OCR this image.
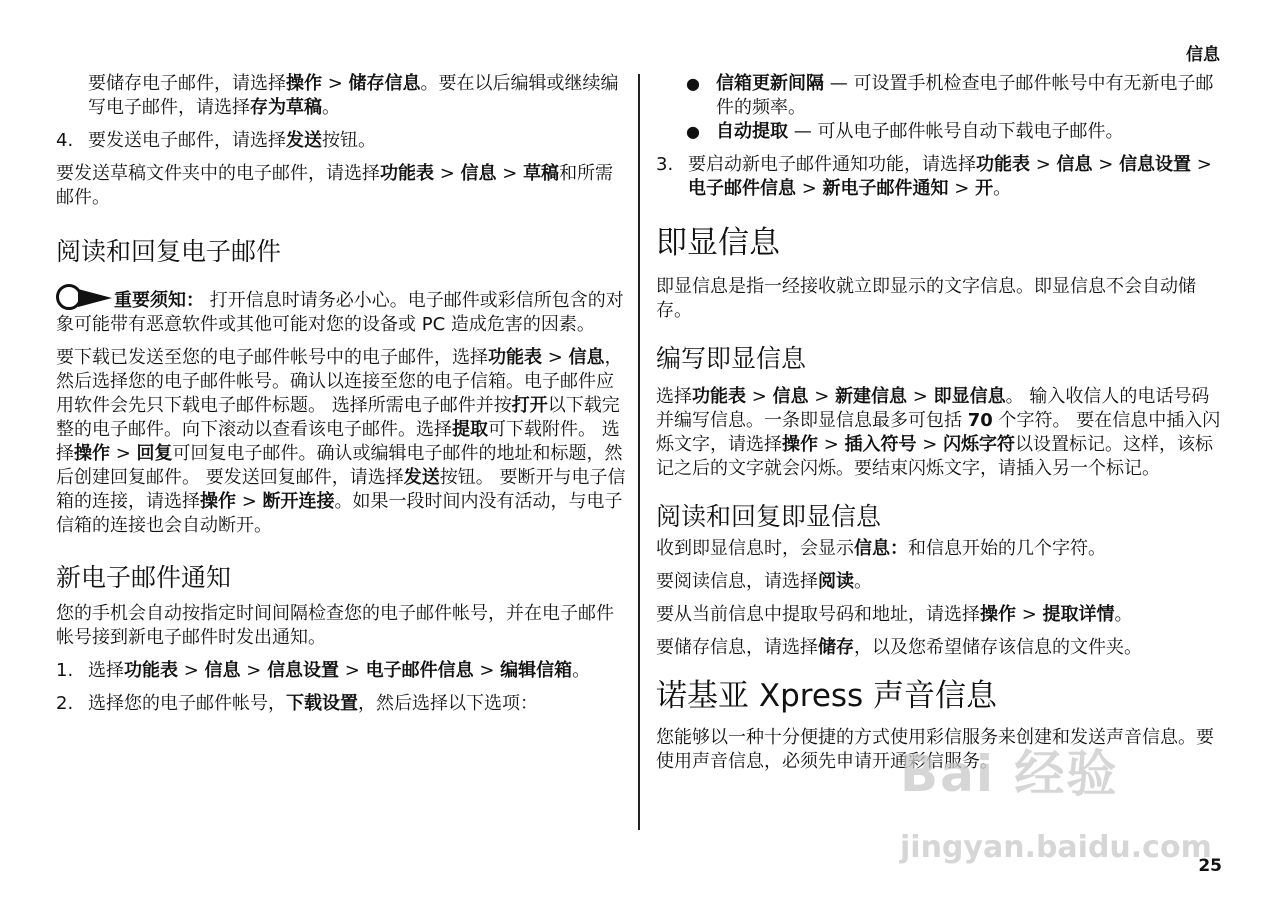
信息

要储存电子邮件，请选择操作 > 储存信息。要在以后编辑或继续编写电子邮件，请选择存为草稿。

4. 要发送电子邮件，请选择发送按钮。

要发送草稿文件夹中的电子邮件，请选择功能表 > 信息 > 草稿和所需邮件。

阅读和回复电子邮件

重要须知： 打开信息时请务必小心。电子邮件或彩信所包含的对象可能带有恶意软件或其他可能对您的设备或 PC 造成危害的因素。

要下载已发送至您的电子邮件帐号中的电子邮件，选择功能表 > 信息，然后选择您的电子邮件帐号。确认以连接至您的电子信箱。电子邮件应用软件会先只下载电子邮件标题。 选择所需电子邮件并按打开以下载完整的电子邮件。向下滚动以查看该电子邮件。选择提取可下载附件。 选择操作 > 回复可回复电子邮件。确认或编辑电子邮件的地址和标题，然后创建回复邮件。 要发送回复邮件，请选择发送按钮。 要断开与电子信箱的连接，请选择操作 > 断开连接。如果一段时间内没有活动，与电子信箱的连接也会自动断开。

新电子邮件通知

您的手机会自动按指定时间间隔检查您的电子邮件帐号，并在电子邮件帐号接到新电子邮件时发出通知。

1. 选择功能表 > 信息 > 信息设置 > 电子邮件信息 > 编辑信箱。
2. 选择您的电子邮件帐号，下载设置，然后选择以下选项：
● 信箱更新间隔 — 可设置手机检查电子邮件帐号中有无新电子邮件的频率。
● 自动提取 — 可从电子邮件帐号自动下载电子邮件。
3. 要启动新电子邮件通知功能，请选择功能表 > 信息 > 信息设置 > 电子邮件信息 > 新电子邮件通知 > 开。
即显信息

即显信息是指一经接收就立即显示的文字信息。即显信息不会自动储存。

编写即显信息

选择功能表 > 信息 > 新建信息 > 即显信息。 输入收信人的电话号码并编写信息。一条即显信息最多可包括 70 个字符。 要在信息中插入闪烁文字，请选择操作 > 插入符号 > 闪烁字符以设置标记。这样，该标记之后的文字就会闪烁。要结束闪烁文字，请插入另一个标记。

阅读和回复即显信息

收到即显信息时，会显示信息：和信息开始的几个字符。

要阅读信息，请选择阅读。

要从当前信息中提取号码和地址，请选择操作 > 提取详情。

要储存信息，请选择储存，以及您希望储存该信息的文件夹。

诺基亚 Xpress 声音信息

您能够以一种十分便捷的方式使用彩信服务来创建和发送声音信息。要使用声音信息，必须先申请开通彩信服务。

Bai 经验
jingyan.baidu.com
25
